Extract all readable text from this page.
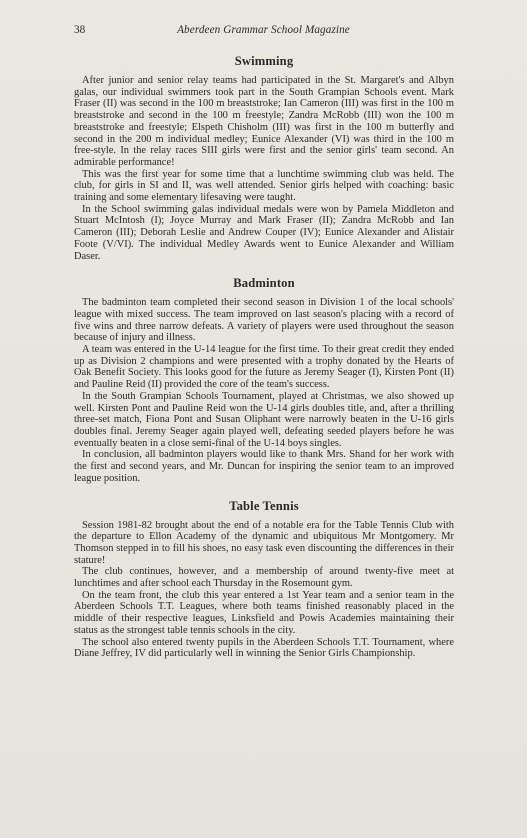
38	Aberdeen Grammar School Magazine
Swimming

After junior and senior relay teams had participated in the St. Margaret's and Albyn galas, our individual swimmers took part in the South Grampian Schools event. Mark Fraser (II) was second in the 100 m breaststroke; Ian Cameron (III) was first in the 100 m breaststroke and second in the 100 m freestyle; Zandra McRobb (III) won the 100 m breaststroke and freestyle; Elspeth Chisholm (III) was first in the 100 m butterfly and second in the 200 m individual medley; Eunice Alexander (VI) was third in the 100 m free-style. In the relay races SIII girls were first and the senior girls' team second. An admirable performance!

This was the first year for some time that a lunchtime swimming club was held. The club, for girls in SI and II, was well attended. Senior girls helped with coaching: basic training and some elementary lifesaving were taught.

In the School swimming galas individual medals were won by Pamela Middleton and Stuart McIntosh (I); Joyce Murray and Mark Fraser (II); Zandra McRobb and Ian Cameron (III); Deborah Leslie and Andrew Couper (IV); Eunice Alexander and Alistair Foote (V/VI). The individual Medley Awards went to Eunice Alexander and William Daser.

Badminton

The badminton team completed their second season in Division 1 of the local schools' league with mixed success. The team improved on last season's placing with a record of five wins and three narrow defeats. A variety of players were used throughout the season because of injury and illness.

A team was entered in the U-14 league for the first time. To their great credit they ended up as Division 2 champions and were presented with a trophy donated by the Hearts of Oak Benefit Society. This looks good for the future as Jeremy Seager (I), Kirsten Pont (II) and Pauline Reid (II) provided the core of the team's success.

In the South Grampian Schools Tournament, played at Christmas, we also showed up well. Kirsten Pont and Pauline Reid won the U-14 girls doubles title, and, after a thrilling three-set match, Fiona Pont and Susan Oliphant were narrowly beaten in the U-16 girls doubles final. Jeremy Seager again played well, defeating seeded players before he was eventually beaten in a close semi-final of the U-14 boys singles.

In conclusion, all badminton players would like to thank Mrs. Shand for her work with the first and second years, and Mr. Duncan for inspiring the senior team to an improved league position.

Table Tennis

Session 1981-82 brought about the end of a notable era for the Table Tennis Club with the departure to Ellon Academy of the dynamic and ubiquitous Mr Montgomery. Mr Thomson stepped in to fill his shoes, no easy task even discounting the differences in their stature!

The club continues, however, and a membership of around twenty-five meet at lunchtimes and after school each Thursday in the Rosemount gym.

On the team front, the club this year entered a 1st Year team and a senior team in the Aberdeen Schools T.T. Leagues, where both teams finished reasonably placed in the middle of their respective leagues, Linksfield and Powis Academies maintaining their status as the strongest table tennis schools in the city.

The school also entered twenty pupils in the Aberdeen Schools T.T. Tournament, where Diane Jeffrey, IV did particularly well in winning the Senior Girls Championship.
